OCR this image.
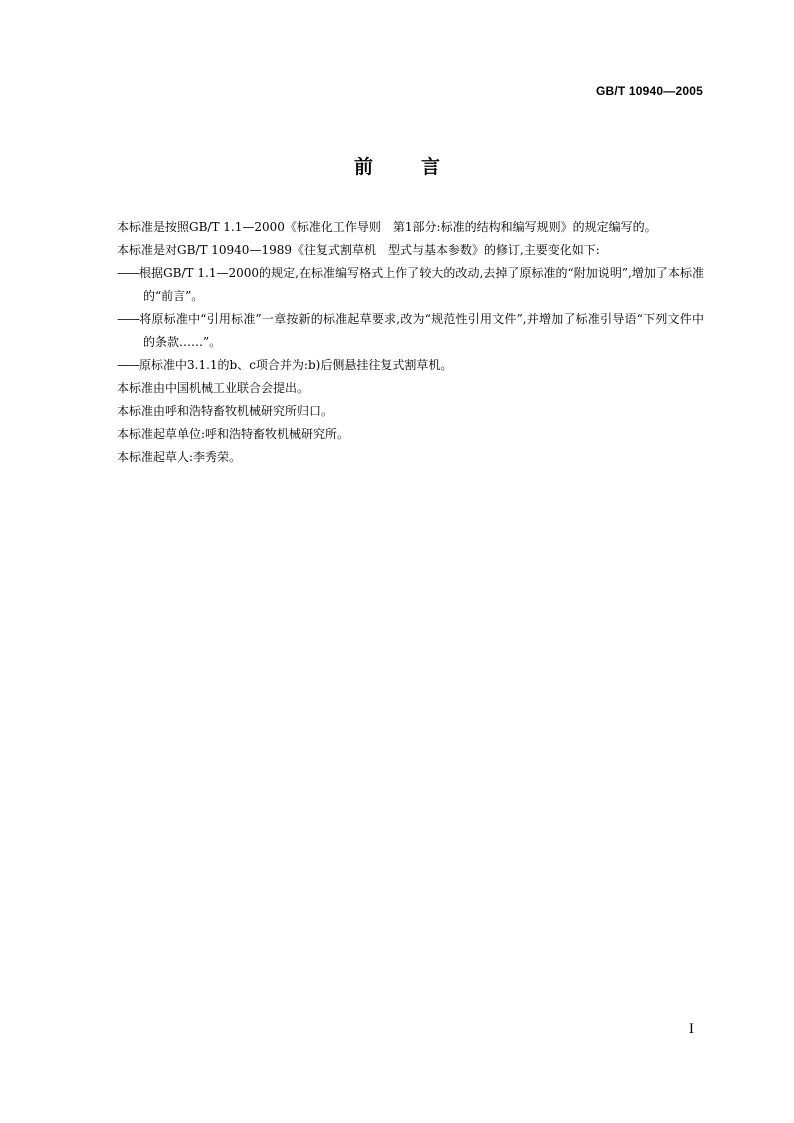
GB/T 10940—2005
前言

本标准是按照GB/T 1.1—2000《标准化工作导则　第1部分:标准的结构和编写规则》的规定编写的。

本标准是对GB/T 10940—1989《往复式割草机　型式与基本参数》的修订,主要变化如下:

——根据GB/T 1.1—2000的规定,在标准编写格式上作了较大的改动,去掉了原标准的“附加说明”,增加了本标准的“前言”。

——将原标准中“引用标准”一章按新的标准起草要求,改为“规范性引用文件”,并增加了标准引导语“下列文件中的条款……”。

——原标准中3.1.1的b、c项合并为:b)后侧悬挂往复式割草机。

本标准由中国机械工业联合会提出。

本标准由呼和浩特畜牧机械研究所归口。

本标准起草单位:呼和浩特畜牧机械研究所。

本标准起草人:李秀荣。

I
